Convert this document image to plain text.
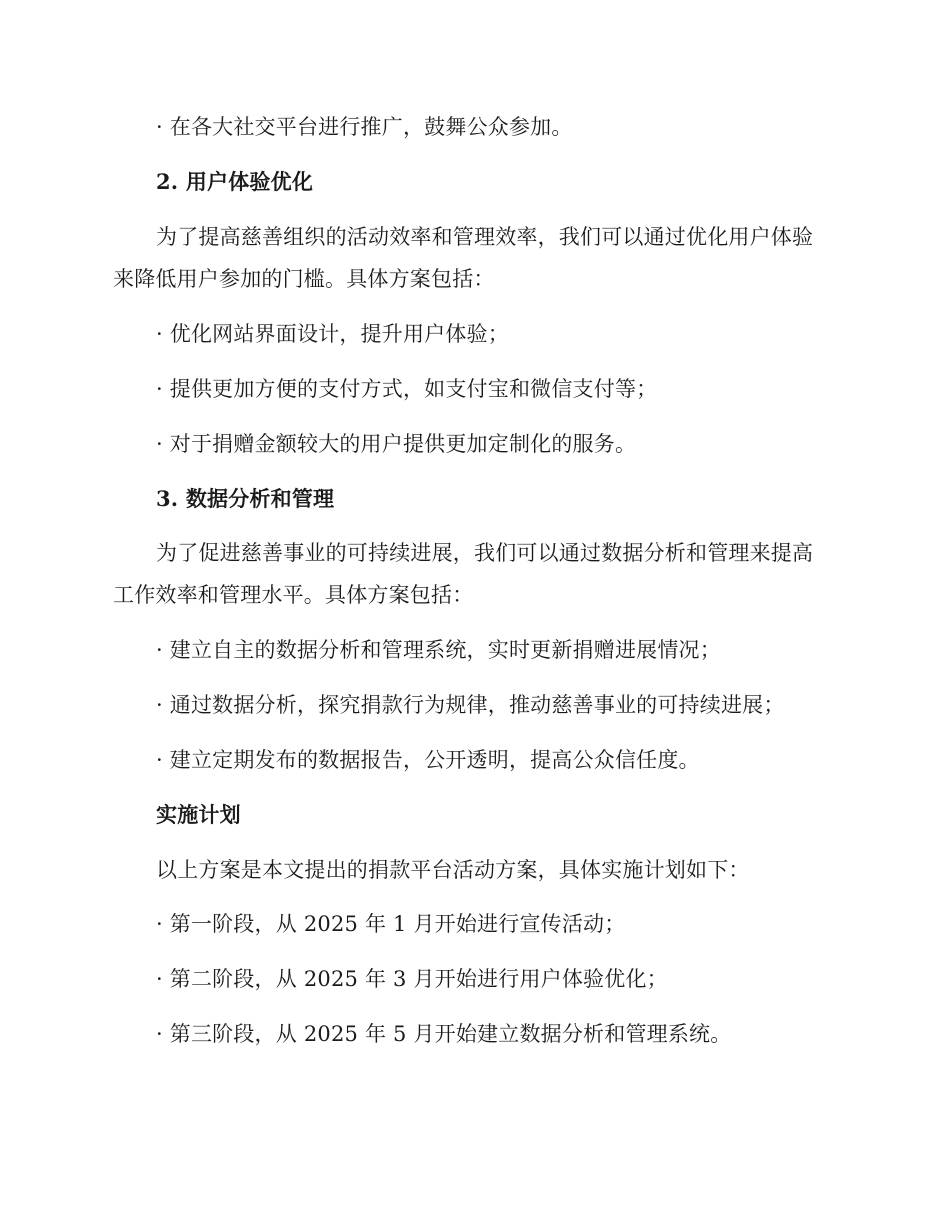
· 在各大社交平台进行推广，鼓舞公众参加。
2. 用户体验优化
为了提高慈善组织的活动效率和管理效率，我们可以通过优化用户体验
来降低用户参加的门槛。具体方案包括：
· 优化网站界面设计，提升用户体验；
· 提供更加方便的支付方式，如支付宝和微信支付等；
· 对于捐赠金额较大的用户提供更加定制化的服务。
3. 数据分析和管理
为了促进慈善事业的可持续进展，我们可以通过数据分析和管理来提高
工作效率和管理水平。具体方案包括：
· 建立自主的数据分析和管理系统，实时更新捐赠进展情况；
· 通过数据分析，探究捐款行为规律，推动慈善事业的可持续进展；
· 建立定期发布的数据报告，公开透明，提高公众信任度。
实施计划
以上方案是本文提出的捐款平台活动方案，具体实施计划如下：
· 第一阶段，从 2025 年 1 月开始进行宣传活动；
· 第二阶段，从 2025 年 3 月开始进行用户体验优化；
· 第三阶段，从 2025 年 5 月开始建立数据分析和管理系统。
